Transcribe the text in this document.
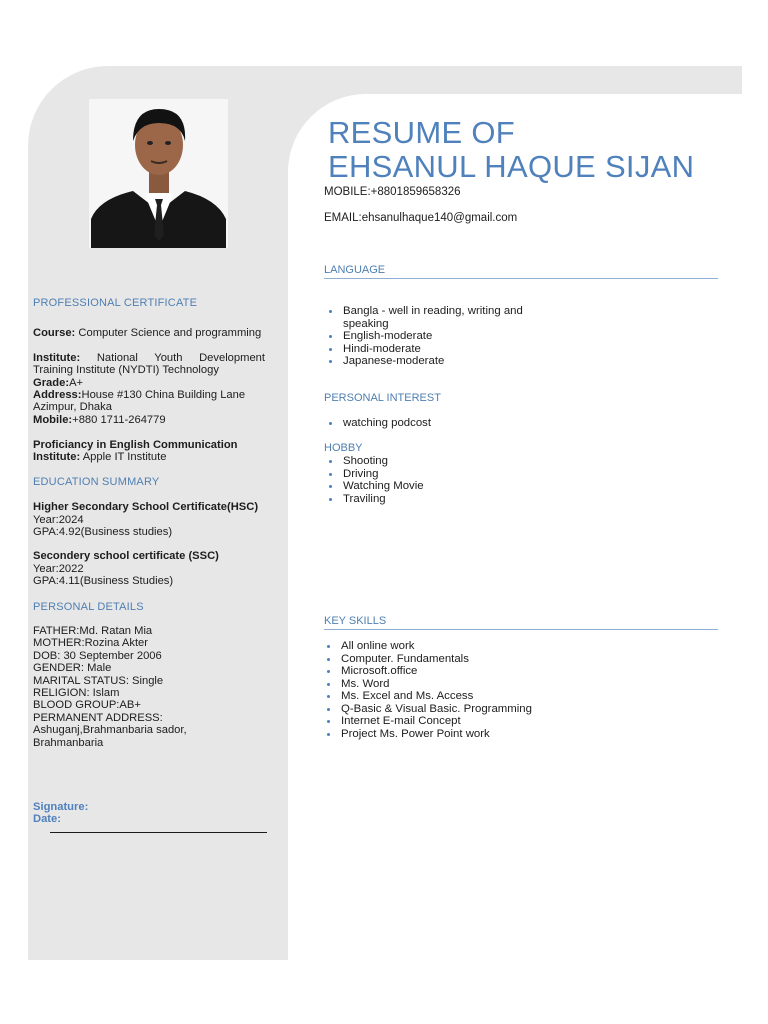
PROFESSIONAL CERTIFICATE
Course: Computer Science and programming
Institute: National Youth Development Training Institute (NYDTI) Technology
Grade:A+
Address:House #130 China Building Lane Azimpur, Dhaka
Mobile:+880 1711-264779
Proficiancy in English Communication
Institute: Apple IT Institute
EDUCATION SUMMARY
Higher Secondary School Certificate(HSC)
Year:2024
GPA:4.92(Business studies)
Secondery school certificate (SSC)
Year:2022
GPA:4.11(Business Studies)
PERSONAL DETAILS
FATHER:Md. Ratan Mia
MOTHER:Rozina Akter
DOB: 30 September 2006
GENDER: Male
MARITAL STATUS: Single
RELIGION: Islam
BLOOD GROUP:AB+
PERMANENT ADDRESS:
Ashuganj,Brahmanbaria sador,
Brahmanbaria
Signature:
Date:
RESUME OF
EHSANUL HAQUE SIJAN
MOBILE:+8801859658326
EMAIL:ehsanulhaque140@gmail.com
LANGUAGE
Bangla - well in reading, writing and speaking
English-moderate
Hindi-moderate
Japanese-moderate
PERSONAL INTEREST
watching podcost
HOBBY
Shooting
Driving
Watching Movie
Traviling
KEY SKILLS
All online work
Computer. Fundamentals
Microsoft.office
Ms. Word
Ms. Excel and Ms. Access
Q-Basic & Visual Basic. Programming
Internet E-mail Concept
Project Ms. Power Point work
